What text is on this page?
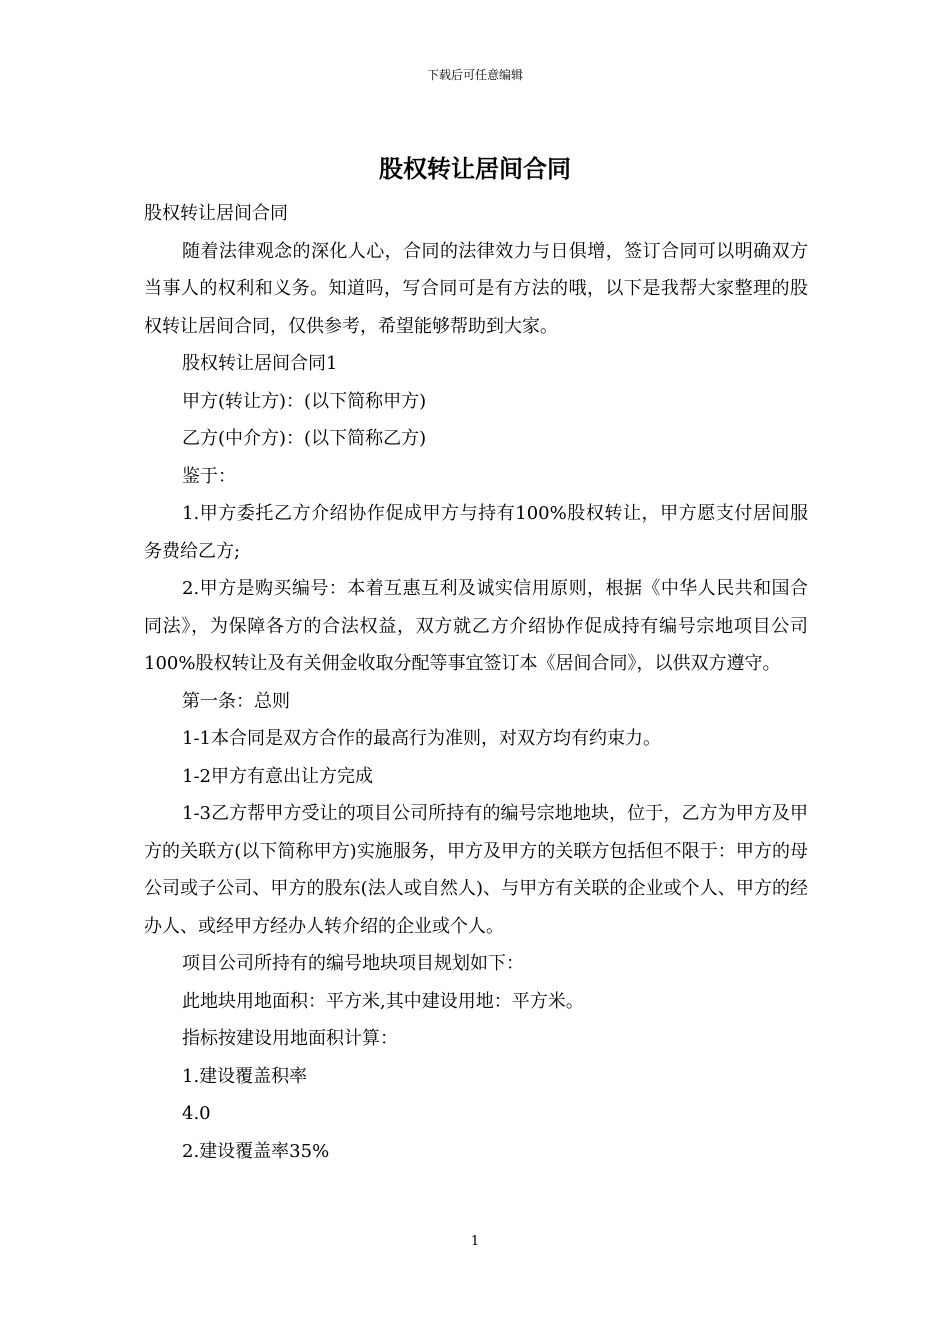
下载后可任意编辑
股权转让居间合同

股权转让居间合同

随着法律观念的深化人心，合同的法律效力与日俱增，签订合同可以明确双方当事人的权利和义务。知道吗，写合同可是有方法的哦，以下是我帮大家整理的股权转让居间合同，仅供参考，希望能够帮助到大家。

股权转让居间合同1

甲方(转让方)：(以下简称甲方)

乙方(中介方)：(以下简称乙方)

鉴于：

1.甲方委托乙方介绍协作促成甲方与持有100%股权转让，甲方愿支付居间服务费给乙方;

2.甲方是购买编号：本着互惠互利及诚实信用原则，根据《中华人民共和国合同法》，为保障各方的合法权益，双方就乙方介绍协作促成持有编号宗地项目公司100%股权转让及有关佣金收取分配等事宜签订本《居间合同》，以供双方遵守。

第一条：总则

1-1本合同是双方合作的最高行为准则，对双方均有约束力。

1-2甲方有意出让方完成

1-3乙方帮甲方受让的项目公司所持有的编号宗地地块，位于，乙方为甲方及甲方的关联方(以下简称甲方)实施服务，甲方及甲方的关联方包括但不限于：甲方的母公司或子公司、甲方的股东(法人或自然人)、与甲方有关联的企业或个人、甲方的经办人、或经甲方经办人转介绍的企业或个人。

项目公司所持有的编号地块项目规划如下：

此地块用地面积：平方米,其中建设用地：平方米。

指标按建设用地面积计算：

1.建设覆盖积率

4.0

2.建设覆盖率35%

1
